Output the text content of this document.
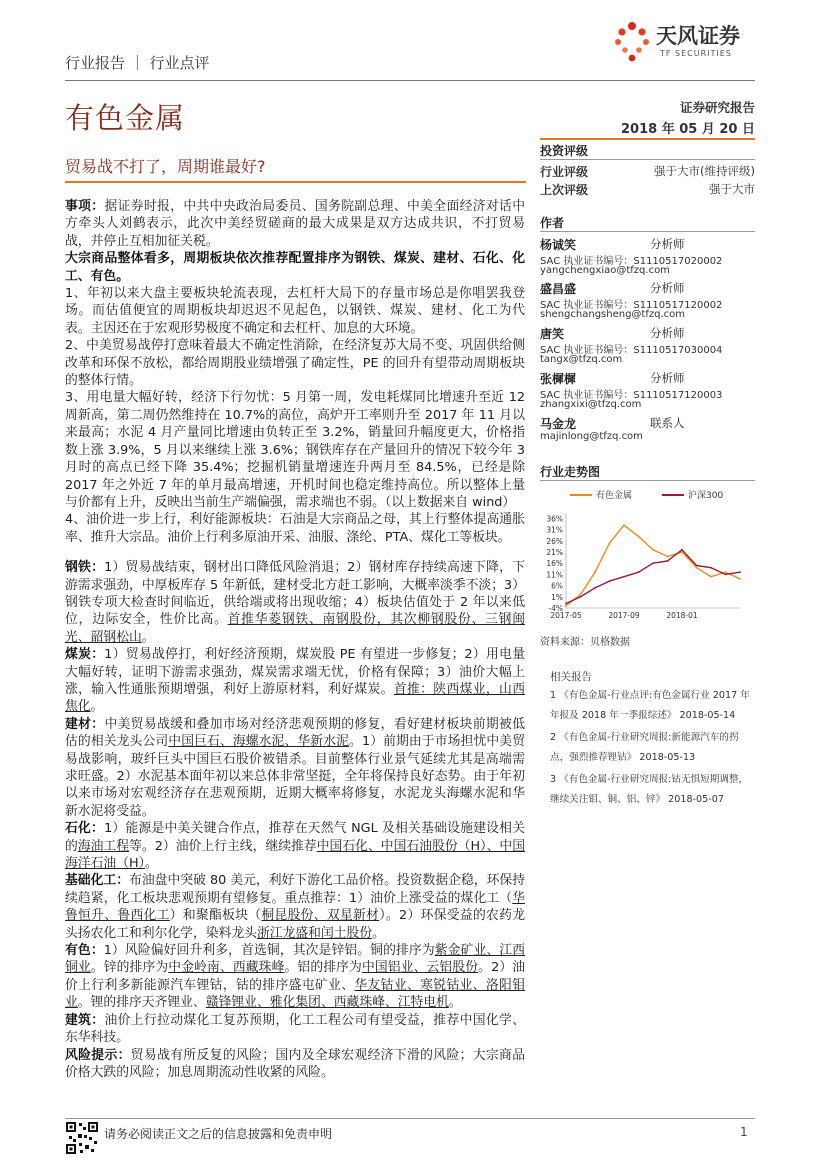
行业报告 ｜ 行业点评
有色金属
天风证券
TF SECURITIES
证券研究报告
2018 年 05 月 20 日
贸易战不打了，周期谁最好?
投资评级
行业评级	强于大市(维持评级)
上次评级	强于大市
作者
杨诚笑	分析师
SAC 执业证书编号：S1110517020002
yangchengxiao@tfzq.com
盛昌盛	分析师
SAC 执业证书编号：S1110517120002
shengchangsheng@tfzq.com
唐笑	分析师
SAC 执业证书编号：S1110517030004
tangx@tfzq.com
张樨樨	分析师
SAC 执业证书编号：S1110517120003
zhangxixi@tfzq.com
马金龙	联系人
majinlong@tfzq.com
行业走势图
有色金属	沪深300
-4%
1%
6%
11%
16%
21%
26%
31%
36%
2017-05	2017-09	2018-01
资料来源：贝格数据
相关报告
1 《有色金属-行业点评:有色金属行业 2017 年年报及 2018 年一季报综述》 2018-05-14
2 《有色金属-行业研究周报:新能源汽车的拐点，强烈推荐锂钴》 2018-05-13
3 《有色金属-行业研究周报:钴无惧短期调整，继续关注钼、铜、铝、锌》 2018-05-07

事项：据证券时报，中共中央政治局委员、国务院副总理、中美全面经济对话中方牵头人刘鹤表示，此次中美经贸磋商的最大成果是双方达成共识，不打贸易战，并停止互相加征关税。

大宗商品整体看多，周期板块依次推荐配置排序为钢铁、煤炭、建材、石化、化工、有色。

1、年初以来大盘主要板块轮流表现，去杠杆大局下的存量市场总是你唱罢我登场。而估值便宜的周期板块却迟迟不见起色，以钢铁、煤炭、建材、化工为代表。主因还在于宏观形势极度不确定和去杠杆、加息的大环境。

2、中美贸易战停打意味着最大不确定性消除，在经济复苏大局不变、巩固供给侧改革和环保不放松，都给周期股业绩增强了确定性，PE 的回升有望带动周期板块的整体行情。

3、用电量大幅好转，经济下行勿忧：5 月第一周，发电耗煤同比增速升至近 12 周新高，第二周仍然维持在 10.7%的高位，高炉开工率则升至 2017 年 11 月以来最高；水泥 4 月产量同比增速由负转正至 3.2%，销量回升幅度更大，价格指数上涨 3.9%，5 月以来继续上涨 3.6%；钢铁库存在产量回升的情况下较今年 3 月时的高点已经下降 35.4%；挖掘机销量增速连升两月至 84.5%，已经是除 2017 年之外近 7 年的单月最高增速，开机时间也稳定维持高位。所以整体上量与价都有上升，反映出当前生产端偏强，需求端也不弱。（以上数据来自 wind）

4、油价进一步上行，利好能源板块：石油是大宗商品之母，其上行整体提高通胀率、推升大宗品。油价上行利多原油开采、油服、涤纶、PTA、煤化工等板块。

钢铁：1）贸易战结束，钢材出口降低风险消退；2）钢材库存持续高速下降，下游需求强劲，中厚板库存 5 年新低，建材受北方赶工影响，大概率淡季不淡；3）钢铁专项大检查时间临近，供给端或将出现收缩；4）板块估值处于 2 年以来低位，边际安全，性价比高。首推华菱钢铁、南钢股份，其次柳钢股份、三钢闽光、韶钢松山。

煤炭：1）贸易战停打，利好经济预期，煤炭股 PE 有望进一步修复；2）用电量大幅好转，证明下游需求强劲，煤炭需求端无忧，价格有保障；3）油价大幅上涨，输入性通胀预期增强，利好上游原材料，利好煤炭。首推：陕西煤业，山西焦化。

建材：中美贸易战缓和叠加市场对经济悲观预期的修复，看好建材板块前期被低估的相关龙头公司中国巨石、海螺水泥、华新水泥。1）前期由于市场担忧中美贸易战影响，玻纤巨头中国巨石股价被错杀。目前整体行业景气延续尤其是高端需求旺盛。2）水泥基本面年初以来总体非常坚挺，全年将保持良好态势。由于年初以来市场对宏观经济存在悲观预期，近期大概率将修复，水泥龙头海螺水泥和华新水泥将受益。

石化：1）能源是中美关键合作点，推荐在天然气 NGL 及相关基础设施建设相关的海油工程等。2）油价上行主线，继续推荐中国石化、中国石油股份（H）、中国海洋石油（H）。

基础化工：布油盘中突破 80 美元，利好下游化工品价格。投资数据企稳，环保持续趋紧，化工板块悲观预期有望修复。重点推荐：1）油价上涨受益的煤化工（华鲁恒升、鲁西化工）和聚酯板块（桐昆股份、双星新材）。2）环保受益的农药龙头扬农化工和利尔化学，染料龙头浙江龙盛和闰土股份。

有色：1）风险偏好回升利多，首选铜，其次是锌铝。铜的排序为紫金矿业、江西铜业。锌的排序为中金岭南、西藏珠峰。铝的排序为中国铝业、云铝股份。2）油价上行利多新能源汽车锂钴，钴的排序盛屯矿业、华友钴业、寒锐钴业、洛阳钼业。锂的排序天齐锂业、赣锋锂业、雅化集团、西藏珠峰、江特电机。

建筑：油价上行拉动煤化工复苏预期，化工工程公司有望受益，推荐中国化学、东华科技。

风险提示：贸易战有所反复的风险；国内及全球宏观经济下滑的风险；大宗商品价格大跌的风险；加息周期流动性收紧的风险。

请务必阅读正文之后的信息披露和免责申明	1
